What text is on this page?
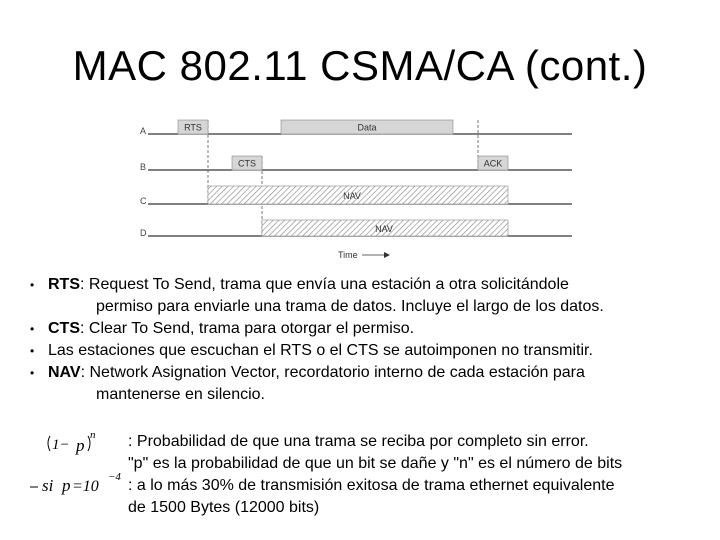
MAC 802.11 CSMA/CA (cont.)
A
B
C
D
RTS	Data
CTS	ACK
NAV
NAV
Time
• RTS: Request To Send, trama que envía una estación a otra solicitándole
permiso para enviarle una trama de datos. Incluye el largo de los datos.
• CTS: Clear To Send, trama para otorgar el permiso.
• Las estaciones que escuchan el RTS o el CTS se autoimponen no transmitir.
• NAV: Network Asignation Vector, recordatorio interno de cada estación para
mantenerse en silencio.
1− p
n
si p =10
−4
: Probabilidad de que una trama se reciba por completo sin error.
"p" es la probabilidad de que un bit se dañe y "n" es el número de bits
: a lo más 30% de transmisión exitosa de trama ethernet equivalente
de 1500 Bytes (12000 bits)
